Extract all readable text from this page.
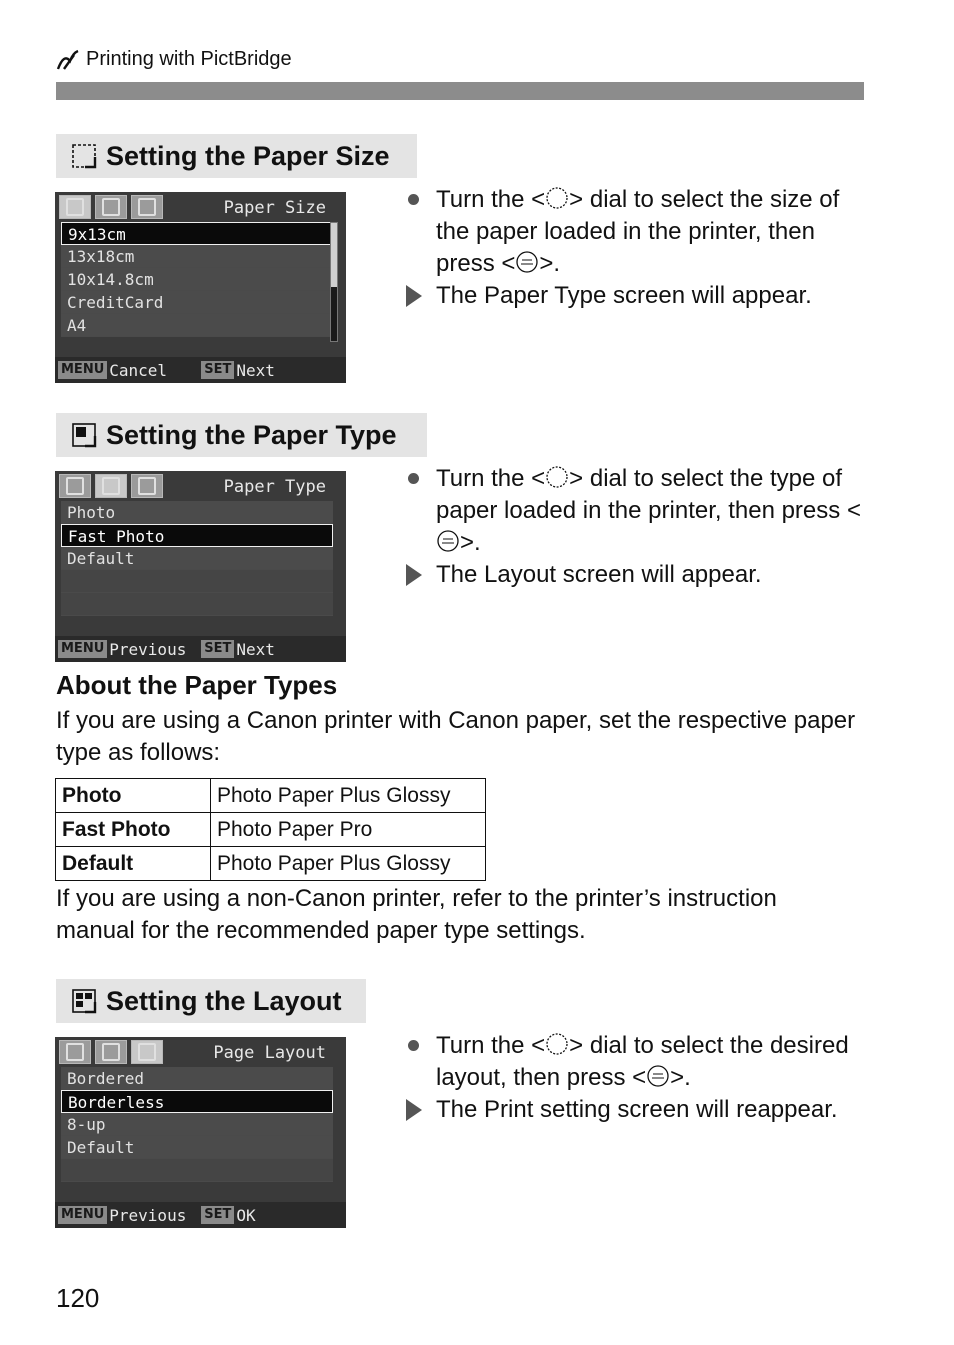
Printing with PictBridge
Setting the Paper Size
Paper Size
9x13cm
13x18cm
10x14.8cm
CreditCard
A4
MENU Cancel	SET Next
Turn the < > dial to select the size of the paper loaded in the printer, then press < >.
The Paper Type screen will appear.
Setting the Paper Type
Paper Type
Photo
Fast Photo
Default
MENU Previous	SET Next
Turn the < > dial to select the type of paper loaded in the printer, then press <>.
The Layout screen will appear.
About the Paper Types
If you are using a Canon printer with Canon paper, set the respective paper type as follows:
Photo	Photo Paper Plus Glossy
Fast Photo	Photo Paper Pro
Default	Photo Paper Plus Glossy
If you are using a non-Canon printer, refer to the printer’s instruction manual for the recommended paper type settings.
Setting the Layout
Page Layout
Bordered
Borderless
8-up
Default
MENU Previous	SET OK
Turn the < > dial to select the desired layout, then press < >.
The Print setting screen will reappear.
120
